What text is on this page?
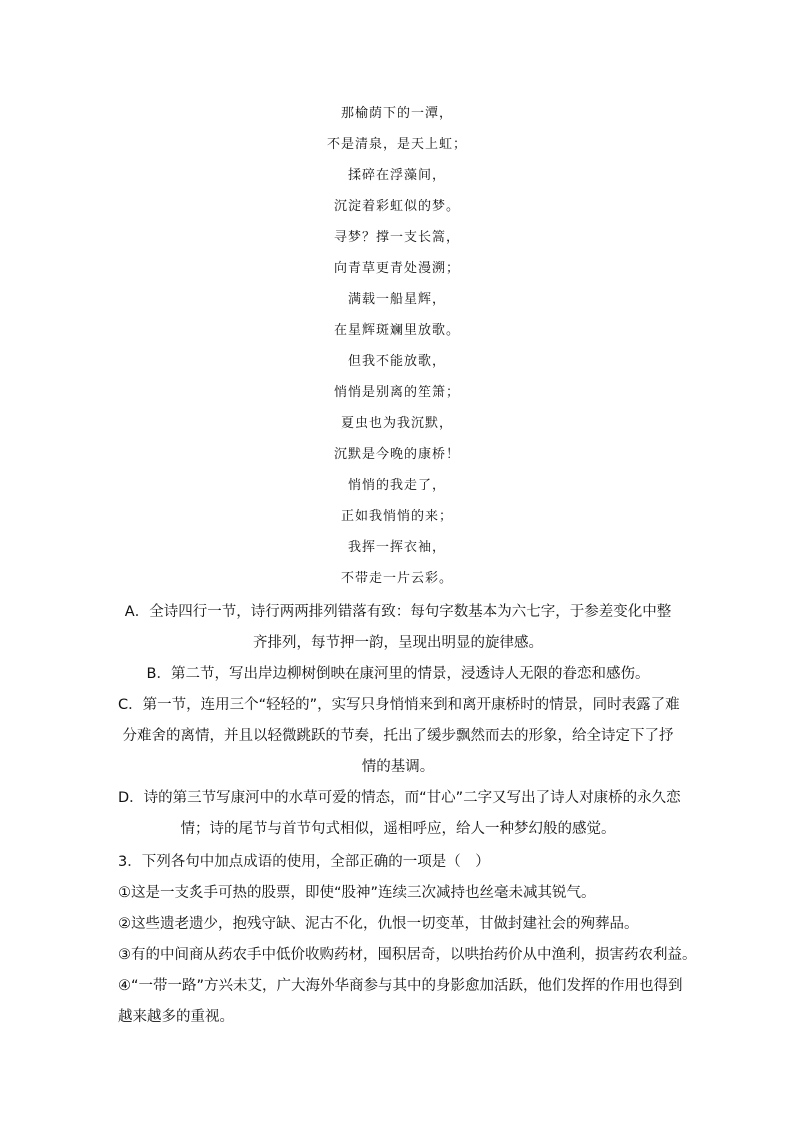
那榆荫下的一潭，
不是清泉，是天上虹；
揉碎在浮藻间，
沉淀着彩虹似的梦。
寻梦？撑一支长篙，
向青草更青处漫溯；
满载一船星辉，
在星辉斑斓里放歌。
但我不能放歌，
悄悄是别离的笙箫；
夏虫也为我沉默，
沉默是今晚的康桥！
悄悄的我走了，
正如我悄悄的来；
我挥一挥衣袖，
不带走一片云彩。
A．全诗四行一节，诗行两两排列错落有致：每句字数基本为六七字，于参差变化中整
齐排列，每节押一韵，呈现出明显的旋律感。
B．第二节，写出岸边柳树倒映在康河里的情景，浸透诗人无限的眷恋和感伤。
C．第一节，连用三个“轻轻的”，实写只身悄悄来到和离开康桥时的情景，同时表露了难
分难舍的离情，并且以轻微跳跃的节奏，托出了缓步飘然而去的形象，给全诗定下了抒
情的基调。
D．诗的第三节写康河中的水草可爱的情态，而“甘心”二字又写出了诗人对康桥的永久恋
情；诗的尾节与首节句式相似，遥相呼应，给人一种梦幻般的感觉。
3．下列各句中加点成语的使用，全部正确的一项是（　）
①这是一支炙手可热的股票，即使“股神”连续三次减持也丝毫未减其锐气。
②这些遗老遗少，抱残守缺、泥古不化，仇恨一切变革，甘做封建社会的殉葬品。
③有的中间商从药农手中低价收购药材，囤积居奇，以哄抬药价从中渔利，损害药农利益。
④“一带一路”方兴未艾，广大海外华商参与其中的身影愈加活跃，他们发挥的作用也得到
越来越多的重视。
